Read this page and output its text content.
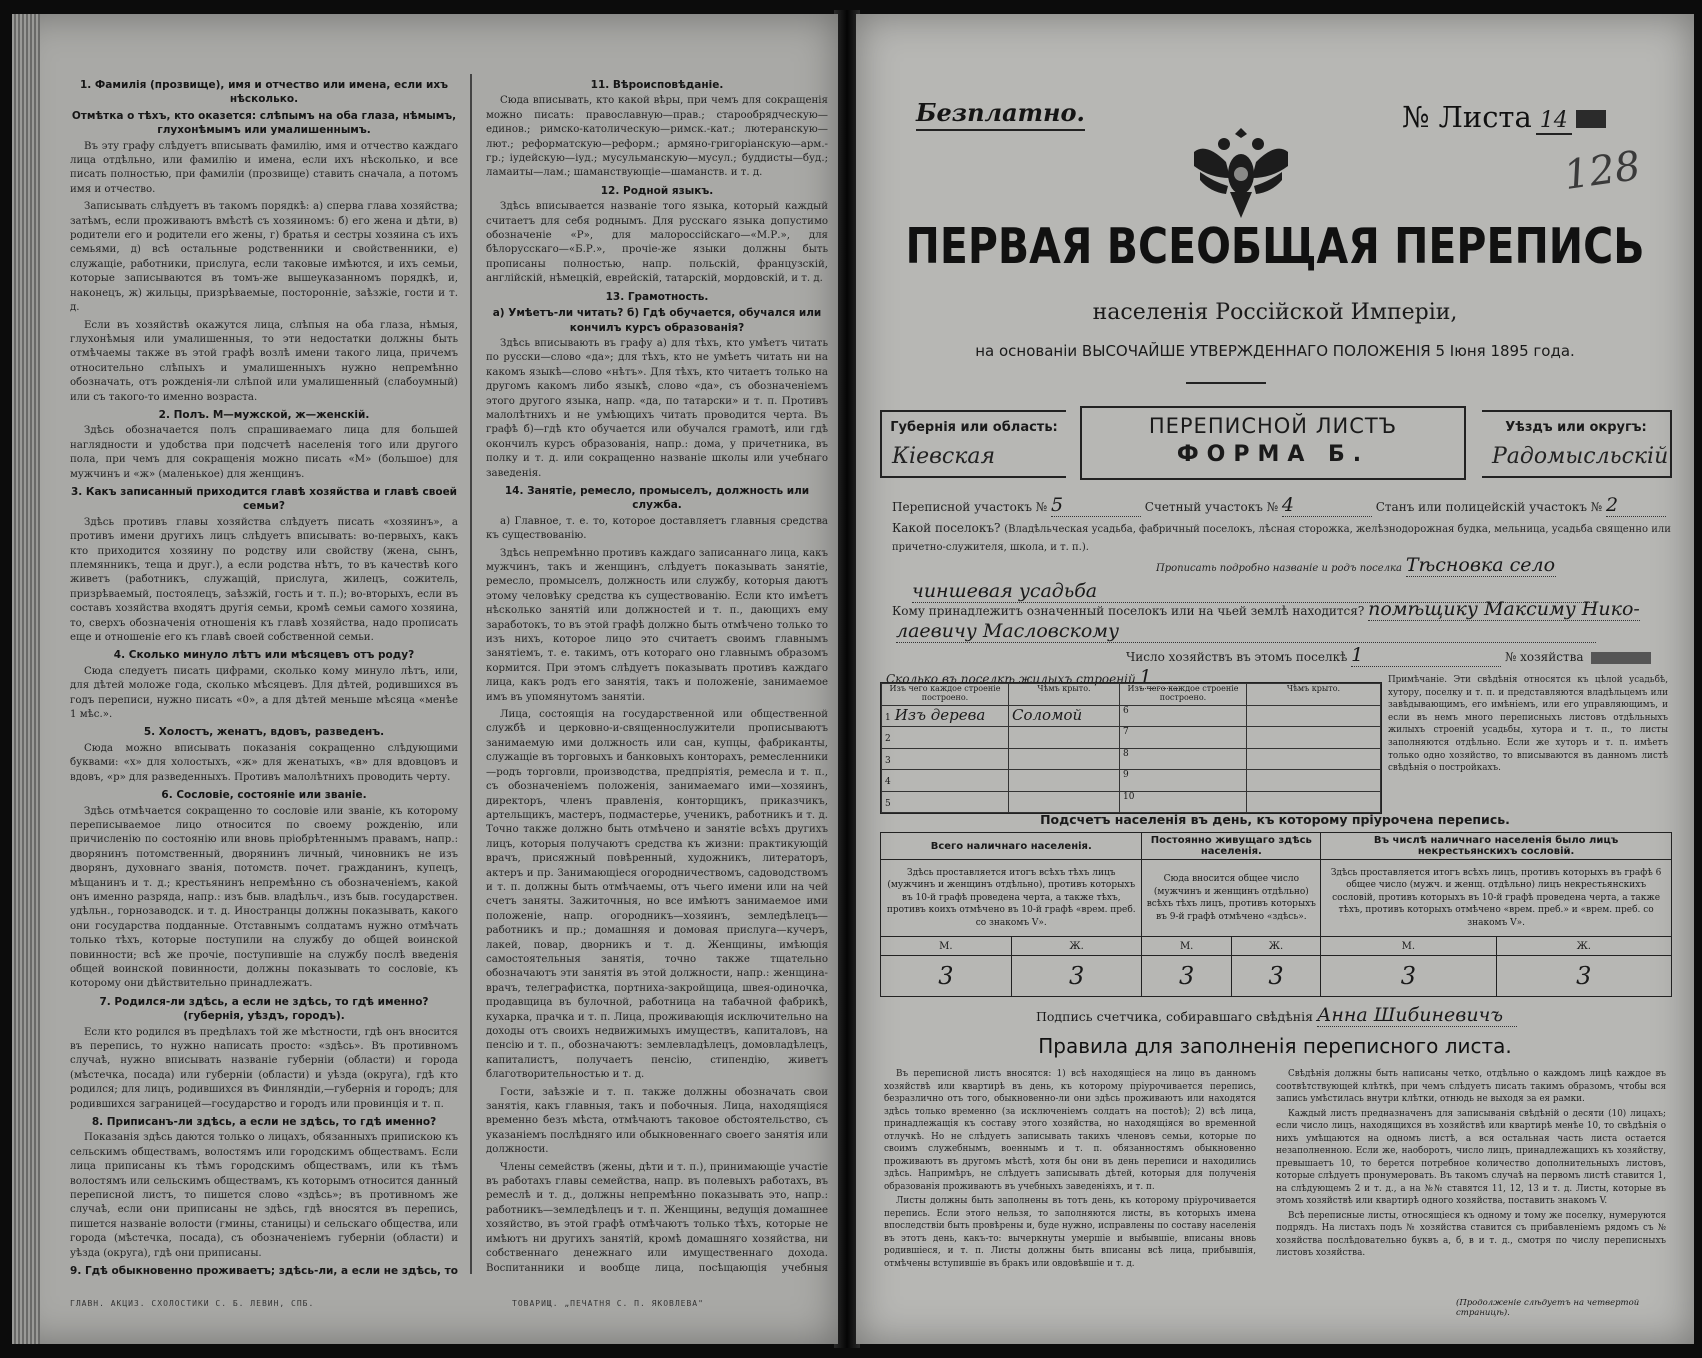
1. Фамилія (прозвище), имя и отчество или имена, если ихъ нѣсколько.
Отмѣтка о тѣхъ, кто оказется: слѣпымъ на оба глаза, нѣмымъ, глухонѣмымъ или умалишеннымъ.

Въ эту графу слѣдуетъ вписывать фамилію, имя и отчество каждаго лица отдѣльно, или фамилію и имена, если ихъ нѣсколько, и все писать полностью, при фамиліи (прозвище) ставить сначала, а потомъ имя и отчество.

Записывать слѣдуетъ въ такомъ порядкѣ: а) сперва глава хозяйства; затѣмъ, если проживаютъ вмѣстѣ съ хозяиномъ: б) его жена и дѣти, в) родители его и родители его жены, г) братья и сестры хозяина съ ихъ семьями, д) всѣ остальные родственники и свойственники, е) служащіе, работники, прислуга, если таковые имѣются, и ихъ семьи, которые записываются въ томъ-же вышеуказанномъ порядкѣ, и, наконецъ, ж) жильцы, призрѣваемые, посторонніе, заѣзжіе, гости и т. д.

Если въ хозяйствѣ окажутся лица, слѣпыя на оба глаза, нѣмыя, глухонѣмыя или умалишенныя, то эти недостатки должны быть отмѣчаемы также въ этой графѣ возлѣ имени такого лица, причемъ относительно слѣпыхъ и умалишенныхъ нужно непремѣнно обозначать, отъ рожденія-ли слѣпой или умалишенный (слабоумный) или съ такого-то именно возраста.

2. Полъ. М—мужской, ж—женскій.

Здѣсь обозначается полъ спрашиваемаго лица для большей наглядности и удобства при подсчетѣ населенія того или другого пола, при чемъ для сокращенія можно писать «М» (большое) для мужчинъ и «ж» (маленькое) для женщинъ.

3. Какъ записанный приходится главѣ хозяйства и главѣ своей семьи?

Здѣсь противъ главы хозяйства слѣдуетъ писать «хозяинъ», а противъ имени другихъ лицъ слѣдуетъ вписывать: во-первыхъ, какъ кто приходится хозяину по родству или свойству (жена, сынъ, племянникъ, теща и друг.), а если родства нѣтъ, то въ качествѣ кого живетъ (работникъ, служащій, прислуга, жилецъ, сожитель, призрѣваемый, постоялецъ, заѣзжій, гость и т. п.); во-вторыхъ, если въ составъ хозяйства входятъ другія семьи, кромѣ семьи самого хозяина, то, сверхъ обозначенія отношенія къ главѣ хозяйства, надо прописать еще и отношеніе его къ главѣ своей собственной семьи.

4. Сколько минуло лѣтъ или мѣсяцевъ отъ роду?

Сюда следуетъ писать цифрами, сколько кому минуло лѣтъ, или, для дѣтей моложе года, сколько мѣсяцевъ. Для дѣтей, родившихся въ годъ переписи, нужно писать «0», а для дѣтей меньше мѣсяца «менѣе 1 мѣс.».

5. Холостъ, женатъ, вдовъ, разведенъ.

Сюда можно вписывать показанія сокращенно слѣдующими буквами: «х» для холостыхъ, «ж» для женатыхъ, «в» для вдовцовъ и вдовъ, «р» для разведенныхъ. Противъ малолѣтнихъ проводить черту.

6. Сословіе, состояніе или званіе.

Здѣсь отмѣчается сокращенно то сословіе или званіе, къ которому переписываемое лицо относится по своему рожденію, или причисленію по состоянію или вновь пріобрѣтеннымъ правамъ, напр.: дворянинъ потомственный, дворянинъ личный, чиновникъ не изъ дворянъ, духовнаго званія, потомств. почет. гражданинъ, купецъ, мѣщанинъ и т. д.; крестьянинъ непремѣнно съ обозначеніемъ, какой онъ именно разряда, напр.: изъ быв. владѣльч., изъ быв. государствен. удѣльн., горнозаводск. и т. д. Иностранцы должны показывать, какого они государства подданные. Отставнымъ солдатамъ нужно отмѣчать только тѣхъ, которые поступили на службу до общей воинской повинности; всѣ же прочіе, поступившіе на службу послѣ введенія общей воинской повинности, должны показывать то сословіе, къ которому они дѣйствительно принадлежатъ.

7. Родился-ли здѣсь, а если не здѣсь, то гдѣ именно? (губернія, уѣздъ, городъ).

Если кто родился въ предѣлахъ той же мѣстности, гдѣ онъ вносится въ перепись, то нужно написать просто: «здѣсь». Въ противномъ случаѣ, нужно вписывать названіе губерніи (области) и города (мѣстечка, посада) или губерніи (области) и уѣзда (округа), гдѣ кто родился; для лицъ, родившихся въ Финляндіи,—губернія и городъ; для родившихся заграницей—государство и городъ или провинція и т. п.

8. Приписанъ-ли здѣсь, а если не здѣсь, то гдѣ именно?

Показанія здѣсь даются только о лицахъ, обязанныхъ припискою къ сельскимъ обществамъ, волостямъ или городскимъ обществамъ. Если лица приписаны къ тѣмъ городскимъ обществамъ, или къ тѣмъ волостямъ или сельскимъ обществамъ, къ которымъ относится данный переписной листъ, то пишется слово «здѣсь»; въ противномъ же случаѣ, если они приписаны не здѣсь, гдѣ вносятся въ перепись, пишется названіе волости (гмины, станицы) и сельскаго общества, или города (мѣстечка, посада), съ обозначеніемъ губерніи (области) и уѣзда (округа), гдѣ они приписаны.

9. Гдѣ обыкновенно проживаетъ; здѣсь-ли, а если не здѣсь, то

11. Вѣроисповѣданіе.

Сюда вписывать, кто какой вѣры, при чемъ для сокращенія можно писать: православную—прав.; старообрядческую—единов.; римско-католическую—римск.-кат.; лютеранскую—лют.; реформатскую—реформ.; армяно-григоріанскую—арм.-гр.; іудейскую—іуд.; мусульманскую—мусул.; буддисты—буд.; ламаиты—лам.; шаманствующіе—шаманств. и т. д.

12. Родной языкъ.

Здѣсь вписывается названіе того языка, который каждый считаетъ для себя роднымъ. Для русскаго языка допустимо обозначеніе «Р», для малороссійскаго—«М.Р.», для бѣлорусскаго—«Б.Р.», прочіе-же языки должны быть прописаны полностью, напр. польскій, французскій, англійскій, нѣмецкій, еврейскій, татарскій, мордовскій, и т. д.

13. Грамотность.
а) Умѣетъ-ли читать? б) Гдѣ обучается, обучался или кончилъ курсъ образованія?

Здѣсь вписывають въ графу а) для тѣхъ, кто умѣетъ читать по русски—слово «да»; для тѣхъ, кто не умѣетъ читать ни на какомъ языкѣ—слово «нѣтъ». Для тѣхъ, кто читаетъ только на другомъ какомъ либо языкѣ, слово «да», съ обозначеніемъ этого другого языка, напр. «да, по татарски» и т. п. Противъ малолѣтнихъ и не умѣющихъ читать проводится черта. Въ графѣ б)—гдѣ кто обучается или обучался грамотѣ, или гдѣ окончилъ курсъ образованія, напр.: дома, у причетника, въ полку и т. д. или сокращенно названіе школы или учебнаго заведенія.

14. Занятіе, ремесло, промыселъ, должность или служба.

а) Главное, т. е. то, которое доставляетъ главныя средства къ существованію.

Здѣсь непремѣнно противъ каждаго записаннаго лица, какъ мужчинъ, такъ и женщинъ, слѣдуетъ показывать занятіе, ремесло, промыселъ, должность или службу, которыя даютъ этому человѣку средства къ существованію. Если кто имѣетъ нѣсколько занятій или должностей и т. п., дающихъ ему заработокъ, то въ этой графѣ должно быть отмѣчено только то изъ нихъ, которое лицо это считаетъ своимъ главнымъ занятіемъ, т. е. такимъ, отъ котораго оно главнымъ образомъ кормится. При этомъ слѣдуетъ показывать противъ каждаго лица, какъ родъ его занятія, такъ и положеніе, занимаемое имъ въ упомянутомъ занятіи.

Лица, состоящія на государственной или общественной службѣ и церковно-и-священнослужители прописываютъ занимаемую ими должность или сан, купцы, фабриканты, служащіе въ торговыхъ и банковыхъ конторахъ, ремесленники—родъ торговли, производства, предпріятія, ремесла и т. п., съ обозначеніемъ положенія, занимаемаго ими—хозяинъ, директоръ, членъ правленія, конторщикъ, приказчикъ, артельщикъ, мастеръ, подмастерье, ученикъ, работникъ и т. д. Точно также должно быть отмѣчено и занятіе всѣхъ другихъ лицъ, которыя получаютъ средства къ жизни: практикующій врачъ, присяжный повѣренный, художникъ, литераторъ, актеръ и пр. Занимающіеся огородничествомъ, садоводствомъ и т. п. должны быть отмѣчаемы, отъ чьего имени или на чей счетъ заняты. Зажиточныя, но все имѣютъ занимаемое ими положеніе, напр. огородникъ—хозяинъ, земледѣлецъ—работникъ и пр.; домашняя и домовая прислуга—кучеръ, лакей, повар, дворникъ и т. д. Женщины, имѣющія самостоятельныя занятія, точно также тщательно обозначаютъ эти занятія въ этой должности, напр.: женщина-врачъ, телеграфистка, портниха-закройщица, швея-одиночка, продавщица въ булочной, работница на табачной фабрикѣ, кухарка, прачка и т. п. Лица, проживающія исключительно на доходы отъ своихъ недвижимыхъ имуществъ, капиталовъ, на пенсію и т. п., обозначаютъ: землевладѣлецъ, домовладѣлецъ, капиталистъ, получаетъ пенсію, стипендію, живетъ благотворительностью и т. д.

Гости, заѣзжіе и т. п. также должны обозначать свои занятія, какъ главныя, такъ и побочныя. Лица, находящіяся временно безъ мѣста, отмѣчаютъ таковое обстоятельство, съ указаніемъ послѣдняго или обыкновеннаго своего занятія или должности.

Члены семействъ (жены, дѣти и т. п.), принимающіе участіе въ работахъ главы семейства, напр. въ полевыхъ работахъ, въ ремеслѣ и т. д., должны непремѣнно показывать это, напр.: работникъ—земледѣлецъ и т. п. Женщины, ведущія домашнее хозяйство, въ этой графѣ отмѣчаютъ только тѣхъ, которые не имѣютъ ни другихъ занятій, кромѣ домашняго хозяйства, ни собственнаго денежнаго или имущественнаго дохода. Воспитанники и вообще лица, посѣщающія учебныя

ГЛАВН. АКЦИЗ. СХОЛОСТИКИ С. Б. ЛЕВИН, СПБ.	ТОВАРИЩ. „ПЕЧАТНЯ С. П. ЯКОВЛЕВА"
Безплатно.	№ Листа 14
128
ПЕРВАЯ ВСЕОБЩАЯ ПЕРЕПИСЬ
населенія Россійской Имперіи,
на основаніи ВЫСОЧАЙШЕ УТВЕРЖДЕННАГО ПОЛОЖЕНІЯ 5 Іюня 1895 года.
Губернія или область:
Кіевская
ПЕРЕПИСНОЙ ЛИСТЪ
ФОРМА Б.
Уѣздъ или округъ:
Радомысльскій
Переписной участокъ № 5	Счетный участокъ № 4	Станъ или полицейскій участокъ № 2
Какой поселокъ? (Владѣльческая усадьба, фабричный поселокъ, лѣсная сторожка, желѣзнодорожная будка, мельница, усадьба священно или причетно-служителя, школа, и т. п.).
Прописать подробно названіе и родъ поселка Тѣсновка село
чиншевая усадьба
Кому принадлежитъ означенный поселокъ или на чьей землѣ находится? помѣщику Максиму Нико-
лаевичу Масловскому
Число хозяйствъ въ этомъ поселкѣ 1	№ хозяйства
Сколько въ поселкѣ жилыхъ строеній 1
Изъ чего каждое строеніе построено.	Чѣмъ крыто.	Изъ чего каждое строеніе построено.	Чѣмъ крыто.
1 Изъ дерева	Соломой	6	
2		7	
3		8	
4		9	
5		10	
Примѣчаніе. Эти свѣдѣнія относятся къ цѣлой усадьбѣ, хутору, поселку и т. п. и представляются владѣльцемъ или завѣдывающимъ, его имѣніемъ, или его управляющимъ, и если въ немъ много переписныхъ листовъ отдѣльныхъ жилыхъ строеній усадьбы, хутора и т. п., то листы заполняются отдѣльно. Если же хуторъ и т. п. имѣетъ только одно хозяйство, то вписываются въ данномъ листѣ свѣдѣнія о постройкахъ.
Подсчетъ населенія въ день, къ которому пріурочена перепись.
Всего наличнаго населенія.		Постоянно живущаго здѣсь населенія.		Въ числѣ наличнаго населенія было лицъ некрестьянскихъ сословій.	
Здѣсь проставляется итогъ всѣхъ тѣхъ лицъ (мужчинъ и женщинъ отдѣльно), противъ которыхъ въ 10-й графѣ проведена черта, а также тѣхъ, противъ коихъ отмѣчено въ 10-й графѣ «врем. преб. со знакомъ V».		Сюда вносится общее число (мужчинъ и женщинъ отдѣльно) всѣхъ тѣхъ лицъ, противъ которыхъ въ 9-й графѣ отмѣчено «здѣсь».		Здѣсь проставляется итогъ всѣхъ лицъ, противъ которыхъ въ графѣ 6 общее число (мужч. и женщ. отдѣльно) лицъ некрестьянскихъ сословій, противъ которыхъ въ 10-й графѣ проведена черта, а также тѣхъ, противъ которыхъ отмѣчено «врем. преб.» и «врем. преб. со знакомъ V».	
М.	Ж.	М.	Ж.	М.	Ж.
3	3	3	3	3	3
Подпись счетчика, собиравшаго свѣдѣнія Анна Шибиневичъ
Правила для заполненія переписного листа.

Въ переписной листъ вносятся: 1) всѣ находящіеся на лицо въ данномъ хозяйствѣ или квартирѣ въ день, къ которому пріурочивается перепись, безразлично отъ того, обыкновенно-ли они здѣсь проживаютъ или находятся здѣсь только временно (за исключеніемъ солдатъ на постоѣ); 2) всѣ лица, принадлежащія къ составу этого хозяйства, но находящіяся во временной отлучкѣ. Но не слѣдуетъ записывать такихъ членовъ семьи, которые по своимъ служебнымъ, военнымъ и т. п. обязанностямъ обыкновенно проживаютъ въ другомъ мѣстѣ, хотя бы они въ день переписи и находились здѣсь. Напримѣръ, не слѣдуетъ записывать дѣтей, которыя для полученія образованія проживаютъ въ учебныхъ заведеніяхъ, и т. п.

Листы должны быть заполнены въ тотъ день, къ которому пріурочивается перепись. Если этого нельзя, то заполняются листы, въ которыхъ имена впоследствіи быть провѣрены и, буде нужно, исправлены по составу населенія въ этотъ день, какъ-то: вычеркнуты умершіе и выбывшіе, вписаны вновь родившіеся, и т. п. Листы должны быть вписаны всѣ лица, прибывшія, отмѣчены вступившіе въ бракъ или овдовѣвшіе и т. д.

Свѣдѣнія должны быть написаны четко, отдѣльно о каждомъ лицѣ каждое въ соотвѣтствующей клѣткѣ, при чемъ слѣдуетъ писать такимъ образомъ, чтобы вся запись умѣстилась внутри клѣтки, отнюдь не выходя за ея рамки.

Каждый листъ предназначенъ для записыванія свѣдѣній о десяти (10) лицахъ; если число лицъ, находящихся въ хозяйствѣ или квартирѣ менѣе 10, то свѣдѣнія о нихъ умѣщаются на одномъ листѣ, а вся остальная часть листа остается незаполненною. Если же, наоборотъ, число лицъ, принадлежащихъ къ хозяйству, превышаетъ 10, то берется потребное количество дополнительныхъ листовъ, которые слѣдуетъ пронумеровать. Въ такомъ случаѣ на первомъ листѣ ставится 1, на слѣдующемъ 2 и т. д., а на №№ ставятся 11, 12, 13 и т. д. Листы, которые въ этомъ хозяйствѣ или квартирѣ одного хозяйства, поставить знакомъ V.

Всѣ переписные листы, относящіеся къ одному и тому же поселку, нумеруются подрядъ. На листахъ подъ № хозяйства ставится съ прибавленіемъ рядомъ съ № хозяйства послѣдовательно буквъ а, б, в и т. д., смотря по числу переписныхъ листовъ хозяйства.

(Продолженіе слѣдуетъ на четвертой страницѣ).
